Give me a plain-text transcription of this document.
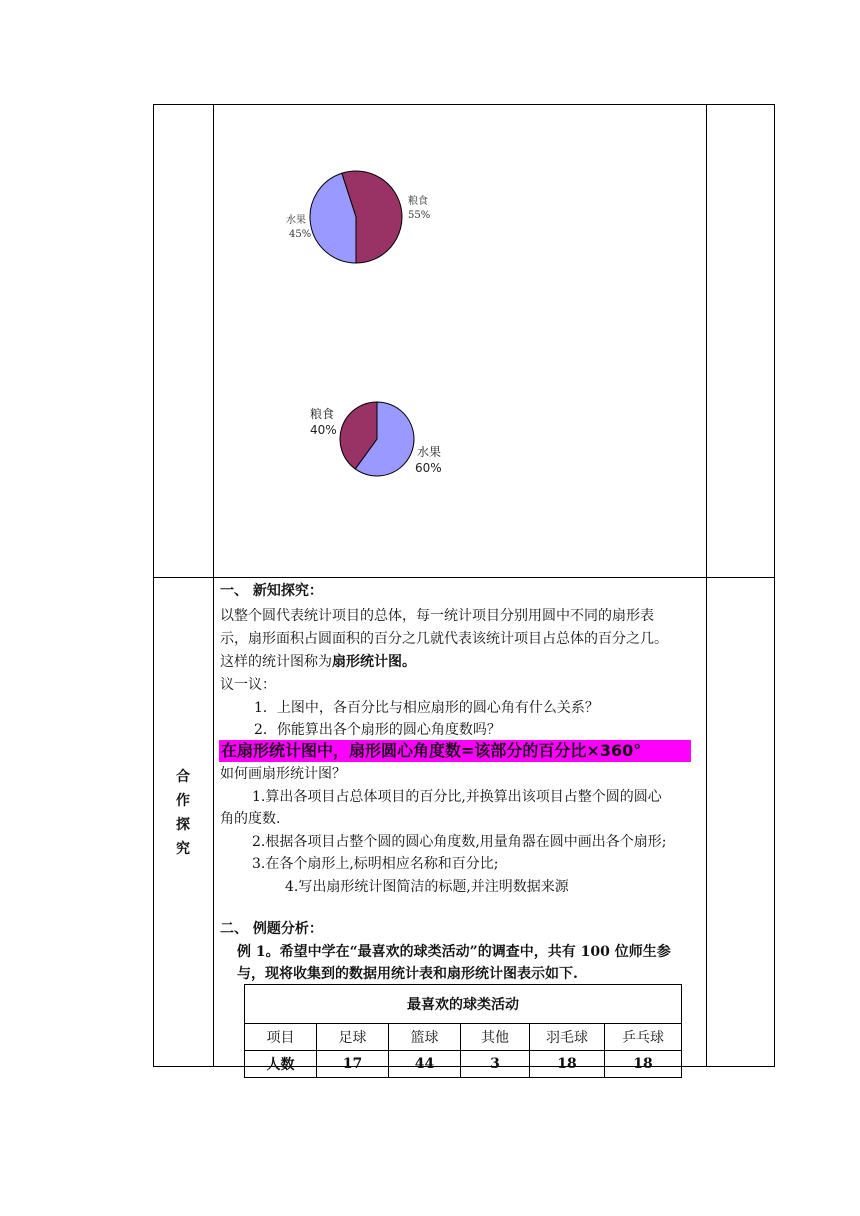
粮食
55%
水果
45%
粮食
40%
水果
60%
合
作
探
究
一、 新知探究：
以整个圆代表统计项目的总体，每一统计项目分别用圆中不同的扇形表
示，扇形面积占圆面积的百分之几就代表该统计项目占总体的百分之几。
这样的统计图称为扇形统计图。
议一议：
1．上图中，各百分比与相应扇形的圆心角有什么关系？
2．你能算出各个扇形的圆心角度数吗？
在扇形统计图中，扇形圆心角度数=该部分的百分比×360°
如何画扇形统计图？
1.算出各项目占总体项目的百分比,并换算出该项目占整个圆的圆心
角的度数.
2.根据各项目占整个圆的圆心角度数,用量角器在圆中画出各个扇形;
3.在各个扇形上,标明相应名称和百分比;
4.写出扇形统计图简洁的标题,并注明数据来源
二、 例题分析：
例 1。希望中学在“最喜欢的球类活动”的调查中，共有 100 位师生参
与，现将收集到的数据用统计表和扇形统计图表示如下.
最喜欢的球类活动					
项目	足球	篮球	其他	羽毛球	乒乓球
人数	17	44	3	18	18
